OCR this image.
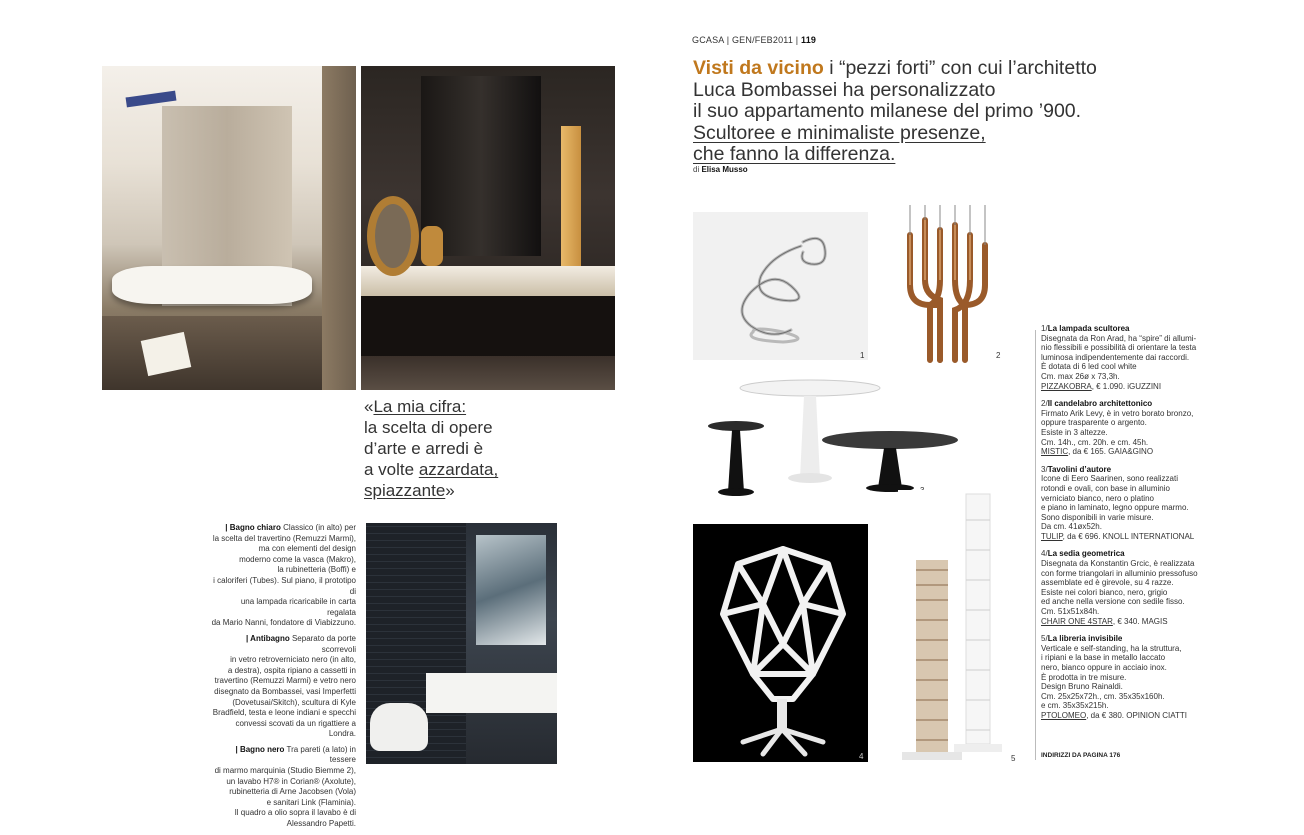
«La mia cifra:
la scelta di opere
d’arte e arredi è
a volte azzardata,
spiazzante»

| Bagno chiaro Classico (in alto) per
la scelta del travertino (Remuzzi Marmi),
ma con elementi del design
moderno come la vasca (Makro),
la rubinetteria (Boffi) e
i caloriferi (Tubes). Sul piano, il prototipo di
una lampada ricaricabile in carta regalata
da Mario Nanni, fondatore di Viabizzuno.

| Antibagno Separato da porte scorrevoli
in vetro retroverniciato nero (in alto,
a destra), ospita ripiano a cassetti in
travertino (Remuzzi Marmi) e vetro nero
disegnato da Bombassei, vasi Imperfetti
(Dovetusai/Skitch), scultura di Kyle
Bradfield, testa e leone indiani e specchi
convessi scovati da un rigattiere a Londra.

| Bagno nero Tra pareti (a lato) in tessere
di marmo marquinia (Studio Biemme 2),
un lavabo H7® in Corian® (Axolute),
rubinetteria di Arne Jacobsen (Vola)
e sanitari Link (Flaminia).
Il quadro a olio sopra il lavabo è di
Alessandro Papetti.

GCASA | GEN/FEB2011 | 119
Visti da vicino i “pezzi forti” con cui l’architetto
Luca Bombassei ha personalizzato
il suo appartamento milanese del primo ’900.
Scultoree e minimaliste presenze,
che fanno la differenza.
di Elisa Musso
1	2
4	5
1/La lampada scultorea
Disegnata da Ron Arad, ha “spire” di allumi-
nio flessibili e possibilità di orientare la testa
luminosa indipendentemente dai raccordi.
È dotata di 6 led cool white
Cm. max 26ø x 73,3h.
PIZZAKOBRA, € 1.090. iGUZZINI
2/Il candelabro architettonico
Firmato Arik Levy, è in vetro borato bronzo,
oppure trasparente o argento.
Esiste in 3 altezze.
Cm. 14h., cm. 20h. e cm. 45h.
MISTIC, da € 165. GAIA&GINO
3/Tavolini d’autore
Icone di Eero Saarinen, sono realizzati
rotondi e ovali, con base in alluminio
verniciato bianco, nero o platino
e piano in laminato, legno oppure marmo.
Sono disponibili in varie misure.
Da cm. 41øx52h.
TULIP, da € 696. KNOLL INTERNATIONAL
4/La sedia geometrica
Disegnata da Konstantin Grcic, è realizzata
con forme triangolari in alluminio pressofuso
assemblate ed è girevole, su 4 razze.
Esiste nei colori bianco, nero, grigio
ed anche nella versione con sedile fisso.
Cm. 51x51x84h.
CHAIR ONE 4STAR, € 340. MAGIS
5/La libreria invisibile
Verticale e self-standing, ha la struttura,
i ripiani e la base in metallo laccato
nero, bianco oppure in acciaio inox.
È prodotta in tre misure.
Design Bruno Rainaldi.
Cm. 25x25x72h., cm. 35x35x160h.
e cm. 35x35x215h.
PTOLOMEO, da € 380. OPINION CIATTI
INDIRIZZI DA PAGINA 176
